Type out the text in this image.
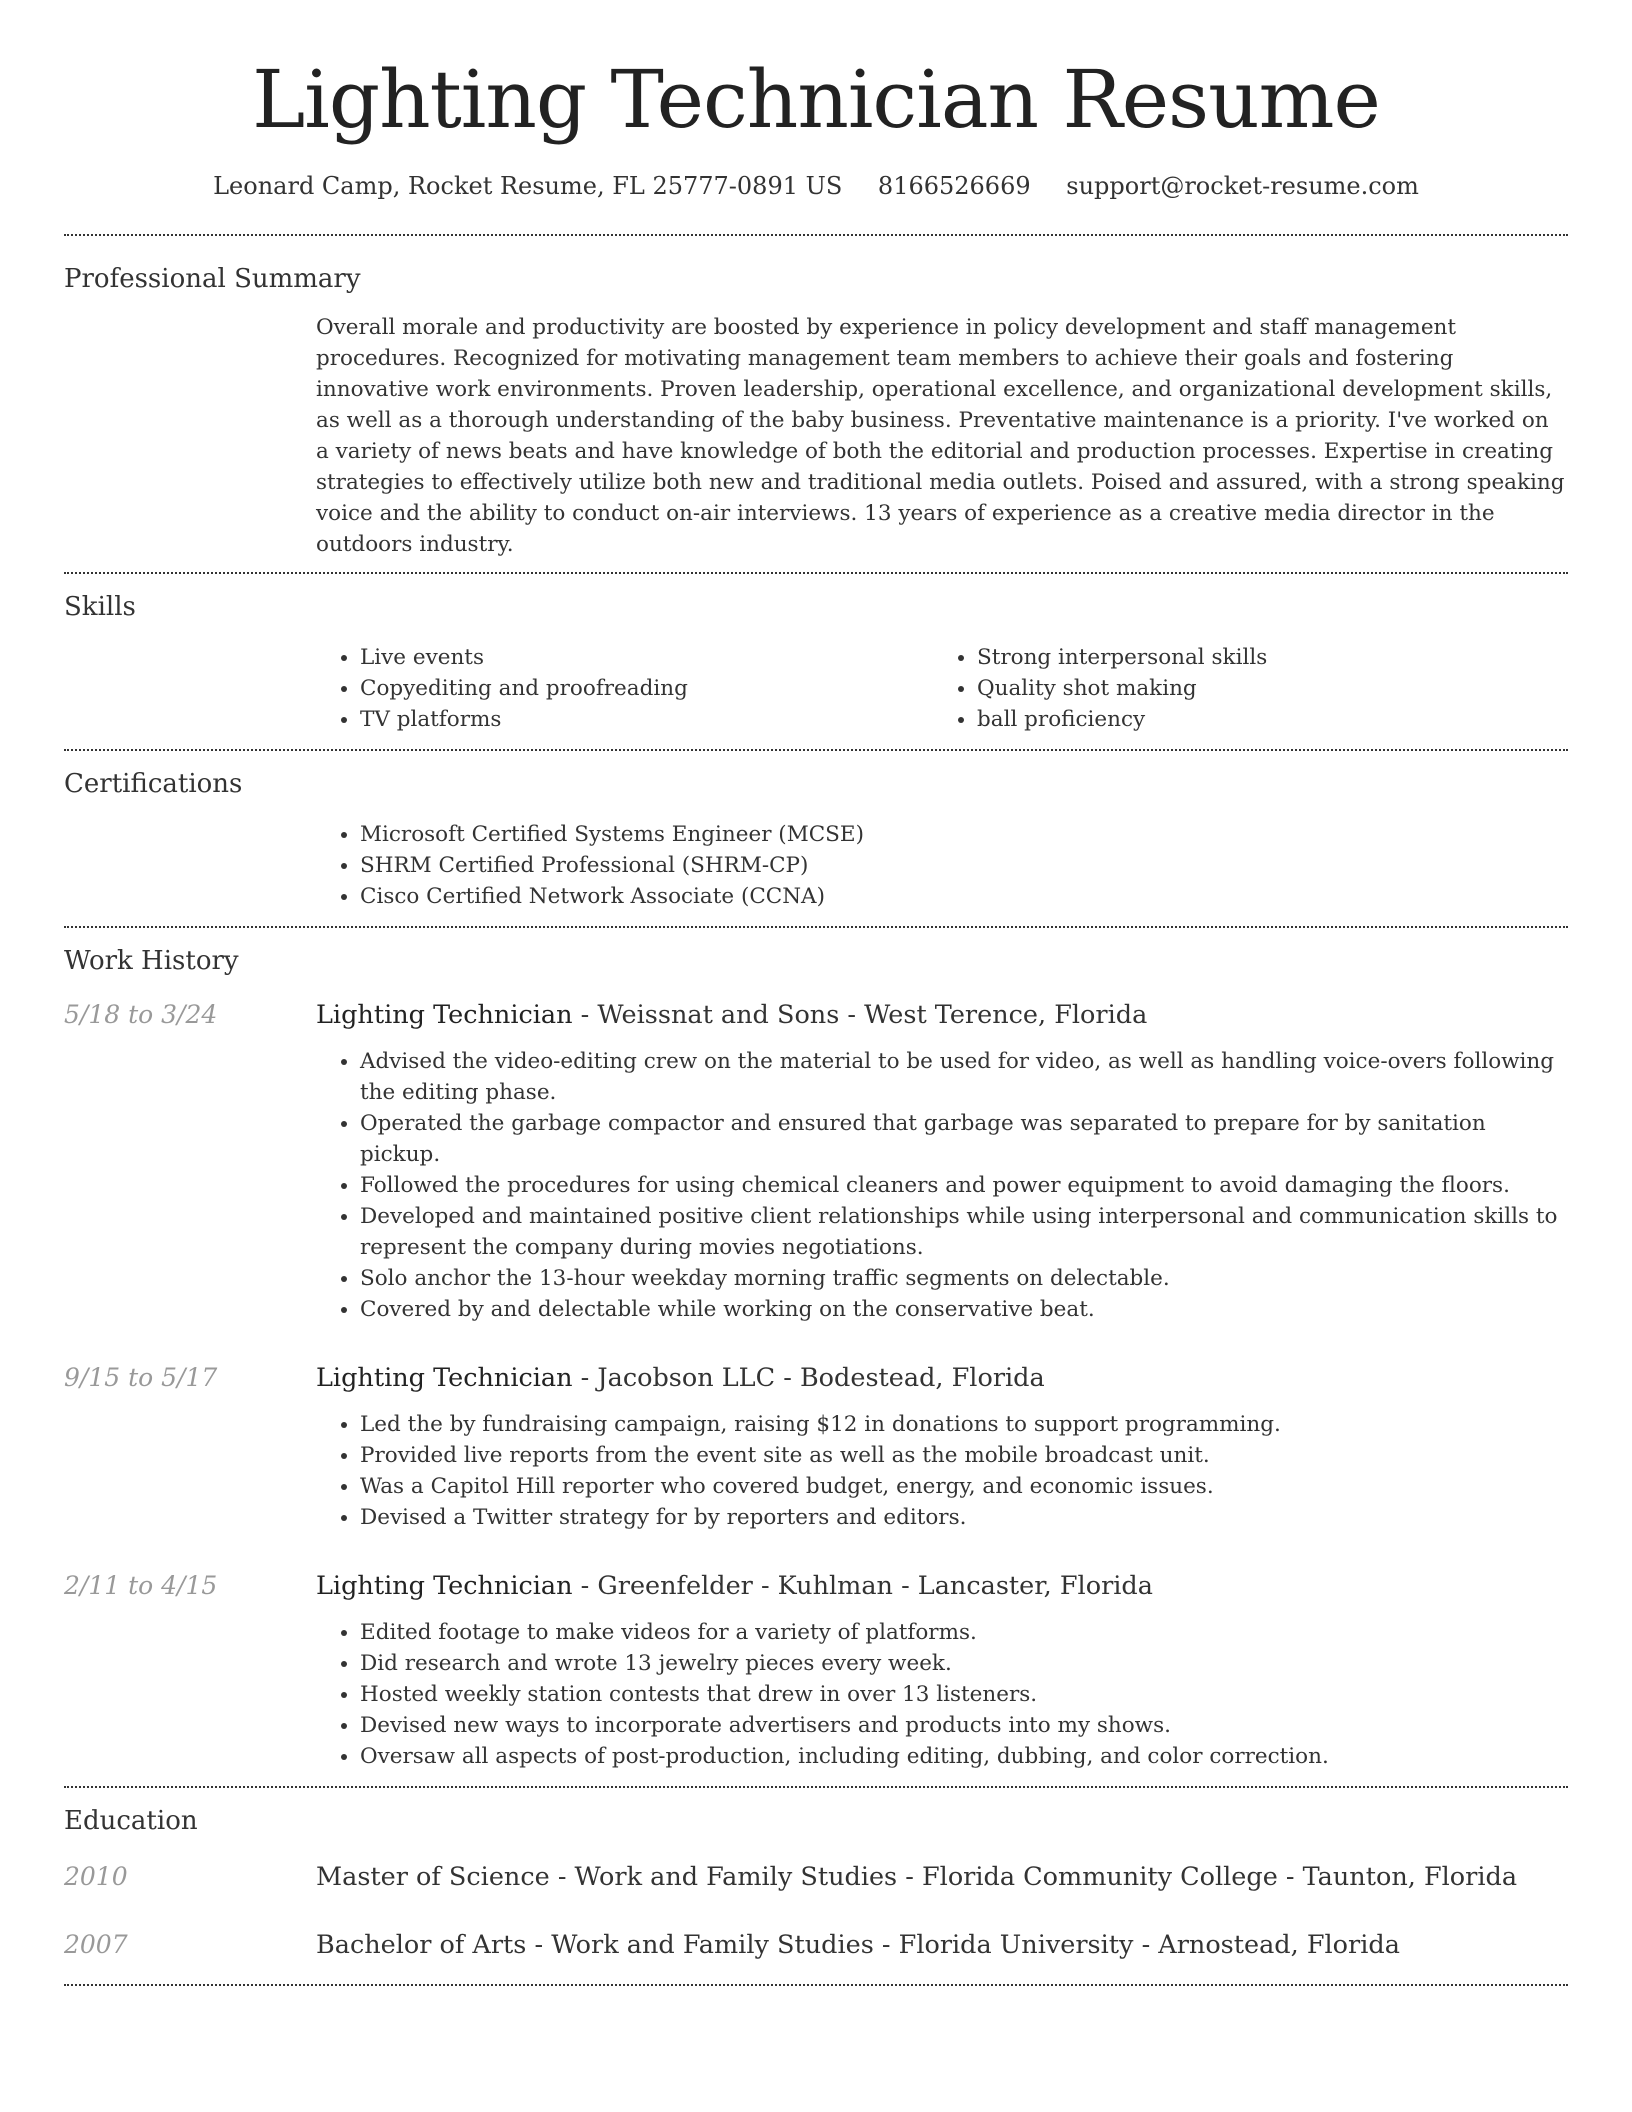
Lighting Technician Resume
Leonard Camp, Rocket Resume, FL 25777-0891 US 8166526669 support@rocket-resume.com
Professional Summary
Overall morale and productivity are boosted by experience in policy development and staff management procedures. Recognized for motivating management team members to achieve their goals and fostering innovative work environments. Proven leadership, operational excellence, and organizational development skills, as well as a thorough understanding of the baby business. Preventative maintenance is a priority. I've worked on a variety of news beats and have knowledge of both the editorial and production processes. Expertise in creating strategies to effectively utilize both new and traditional media outlets. Poised and assured, with a strong speaking voice and the ability to conduct on-air interviews. 13 years of experience as a creative media director in the outdoors industry.
Skills
• Live events
• Copyediting and proofreading
• TV platforms
• Strong interpersonal skills
• Quality shot making
• ball proficiency
Certifications
• Microsoft Certified Systems Engineer (MCSE)
• SHRM Certified Professional (SHRM-CP)
• Cisco Certified Network Associate (CCNA)
Work History
5/18 to 3/24	Lighting Technician - Weissnat and Sons - West Terence, Florida
• Advised the video-editing crew on the material to be used for video, as well as handling voice-overs following the editing phase.
• Operated the garbage compactor and ensured that garbage was separated to prepare for by sanitation pickup.
• Followed the procedures for using chemical cleaners and power equipment to avoid damaging the floors.
• Developed and maintained positive client relationships while using interpersonal and communication skills to represent the company during movies negotiations.
• Solo anchor the 13-hour weekday morning traffic segments on delectable.
• Covered by and delectable while working on the conservative beat.
9/15 to 5/17	Lighting Technician - Jacobson LLC - Bodestead, Florida
• Led the by fundraising campaign, raising $12 in donations to support programming.
• Provided live reports from the event site as well as the mobile broadcast unit.
• Was a Capitol Hill reporter who covered budget, energy, and economic issues.
• Devised a Twitter strategy for by reporters and editors.
2/11 to 4/15	Lighting Technician - Greenfelder - Kuhlman - Lancaster, Florida
• Edited footage to make videos for a variety of platforms.
• Did research and wrote 13 jewelry pieces every week.
• Hosted weekly station contests that drew in over 13 listeners.
• Devised new ways to incorporate advertisers and products into my shows.
• Oversaw all aspects of post-production, including editing, dubbing, and color correction.
Education
2010	Master of Science - Work and Family Studies - Florida Community College - Taunton, Florida
2007	Bachelor of Arts - Work and Family Studies - Florida University - Arnostead, Florida
